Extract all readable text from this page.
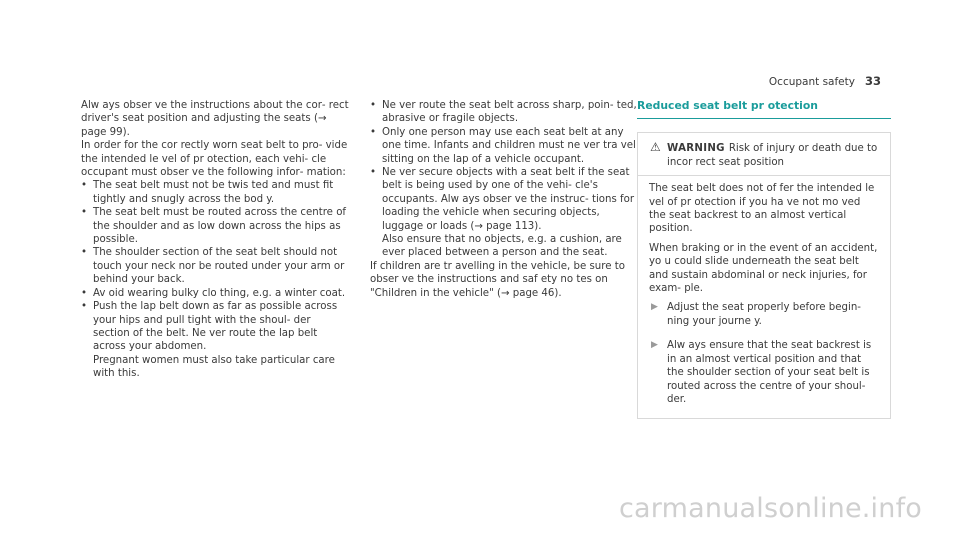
Occupant safety 33

Alw ays obser ve the instructions about the cor‐ rect driver's seat position and adjusting the seats (→ page 99).

In order for the cor rectly worn seat belt to pro‐ vide the intended le vel of pr otection, each vehi‐ cle occupant must obser ve the following infor‐ mation:

• The seat belt must not be twis ted and must fit tightly and snugly across the bod y.
• The seat belt must be routed across the centre of the shoulder and as low down across the hips as possible.
• The shoulder section of the seat belt should not touch your neck nor be routed under your arm or behind your back.
• Av oid wearing bulky clo thing, e.g. a winter coat.
• Push the lap belt down as far as possible across your hips and pull tight with the shoul‐ der section of the belt. Ne ver route the lap belt across your abdomen.

Pregnant women must also take particular care with this.

• Ne ver route the seat belt across sharp, poin‐ ted, abrasive or fragile objects.
• Only one person may use each seat belt at any one time. Infants and children must ne ver tra vel sitting on the lap of a vehicle occupant.
• Ne ver secure objects with a seat belt if the seat belt is being used by one of the vehi‐ cle's occupants. Alw ays obser ve the instruc‐ tions for loading the vehicle when securing objects, luggage or loads (→ page 113).

Also ensure that no objects, e.g. a cushion, are ever placed between a person and the seat.

If children are tr avelling in the vehicle, be sure to obser ve the instructions and saf ety no tes on "Children in the vehicle" (→ page 46).

Reduced seat belt pr otection
⚠ WARNING Risk of injury or death due to incor rect seat position

The seat belt does not of fer the intended le vel of pr otection if you ha ve not mo ved the seat backrest to an almost vertical position.

When braking or in the event of an accident, yo u could slide underneath the seat belt and sustain abdominal or neck injuries, for exam‐ ple.

▶ Adjust the seat properly before begin‐ ning your journe y.
▶ Alw ays ensure that the seat backrest is in an almost vertical position and that the shoulder section of your seat belt is routed across the centre of your shoul‐ der.
carmanualsonline.info
